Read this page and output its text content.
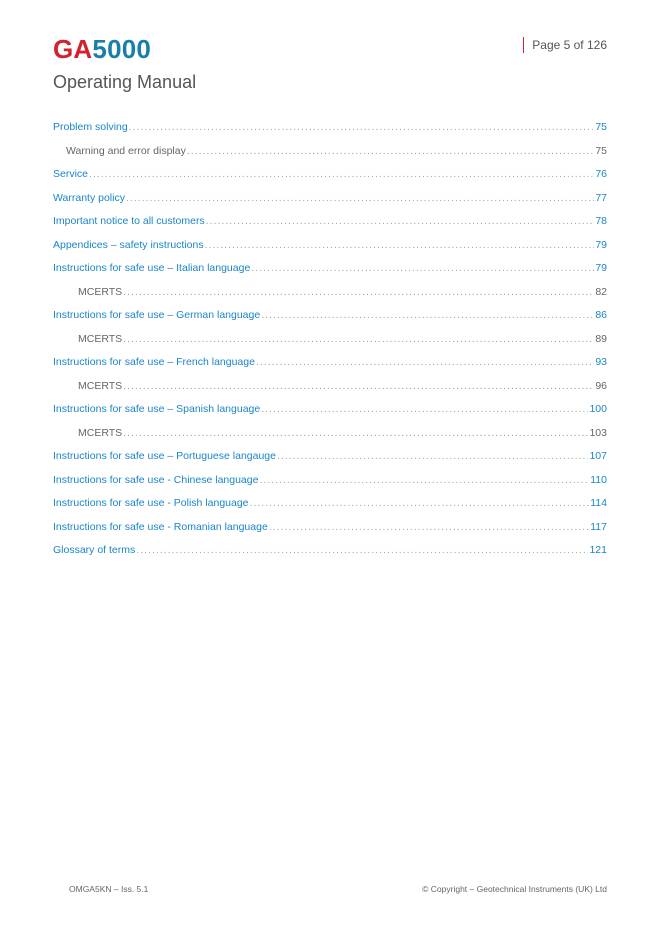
GA5000
Operating Manual
Page 5 of 126
Problem solving .....	75
Warning and error display .....	75
Service .....	76
Warranty policy .....	77
Important notice to all customers .....	78
Appendices – safety instructions .....	79
Instructions for safe use – Italian language .....	79
MCERTS .....	82
Instructions for safe use – German language .....	86
MCERTS .....	89
Instructions for safe use – French language .....	93
MCERTS .....	96
Instructions for safe use – Spanish language .....	100
MCERTS .....	103
Instructions for safe use – Portuguese langauge .....	107
Instructions for safe use - Chinese language .....	110
Instructions for safe use - Polish language .....	114
Instructions for safe use - Romanian language .....	117
Glossary of terms .....	121
OMGA5KN – Iss. 5.1	© Copyright – Geotechnical Instruments (UK) Ltd
